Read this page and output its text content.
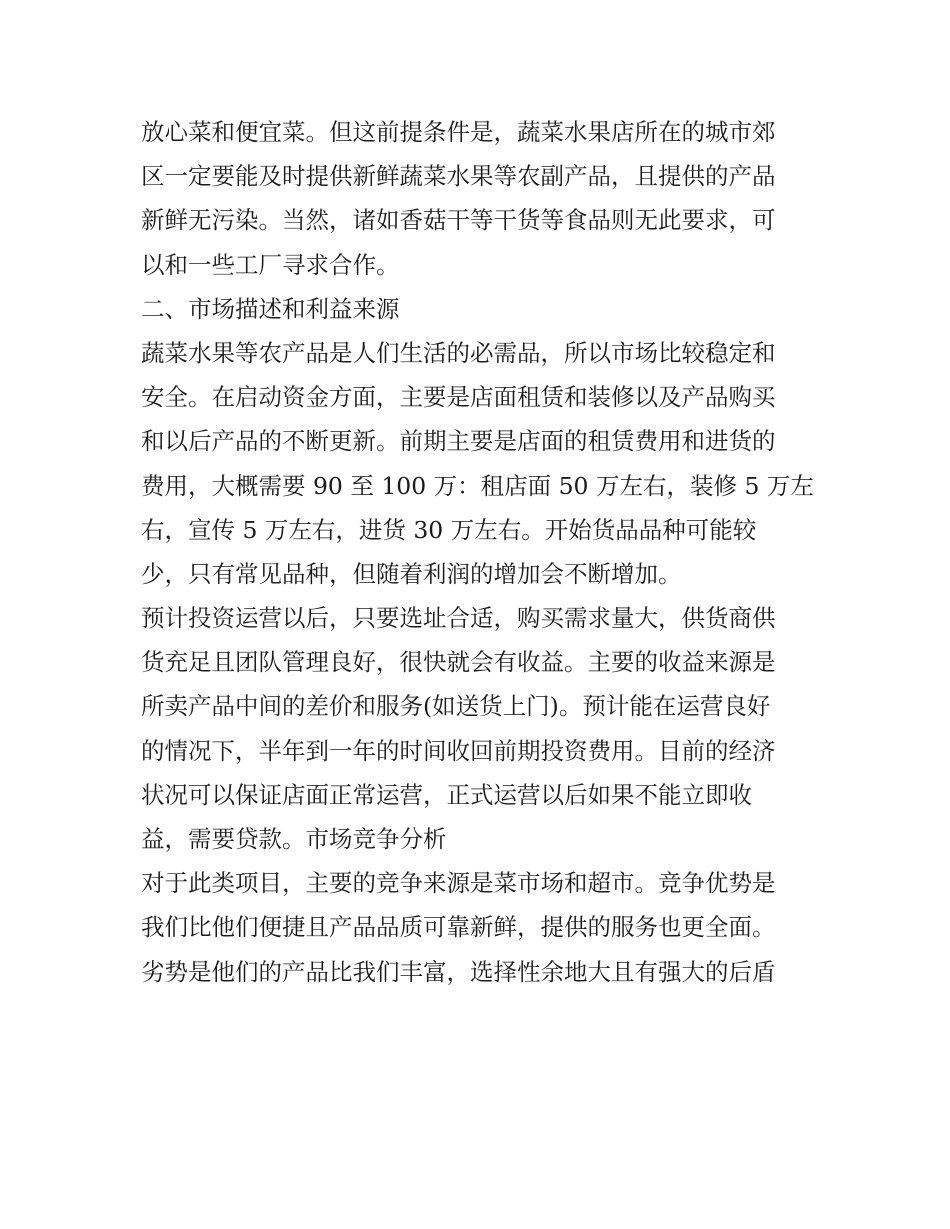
放心菜和便宜菜。但这前提条件是，蔬菜水果店所在的城市郊
区一定要能及时提供新鲜蔬菜水果等农副产品，且提供的产品
新鲜无污染。当然，诸如香菇干等干货等食品则无此要求，可
以和一些工厂寻求合作。
二、市场描述和利益来源
蔬菜水果等农产品是人们生活的必需品，所以市场比较稳定和
安全。在启动资金方面，主要是店面租赁和装修以及产品购买
和以后产品的不断更新。前期主要是店面的租赁费用和进货的
费用，大概需要 90 至 100 万：租店面 50 万左右，装修 5 万左
右，宣传 5 万左右，进货 30 万左右。开始货品品种可能较
少，只有常见品种，但随着利润的增加会不断增加。
预计投资运营以后，只要选址合适，购买需求量大，供货商供
货充足且团队管理良好，很快就会有收益。主要的收益来源是
所卖产品中间的差价和服务(如送货上门)。预计能在运营良好
的情况下，半年到一年的时间收回前期投资费用。目前的经济
状况可以保证店面正常运营，正式运营以后如果不能立即收
益，需要贷款。市场竞争分析
对于此类项目，主要的竞争来源是菜市场和超市。竞争优势是
我们比他们便捷且产品品质可靠新鲜，提供的服务也更全面。
劣势是他们的产品比我们丰富，选择性余地大且有强大的后盾
